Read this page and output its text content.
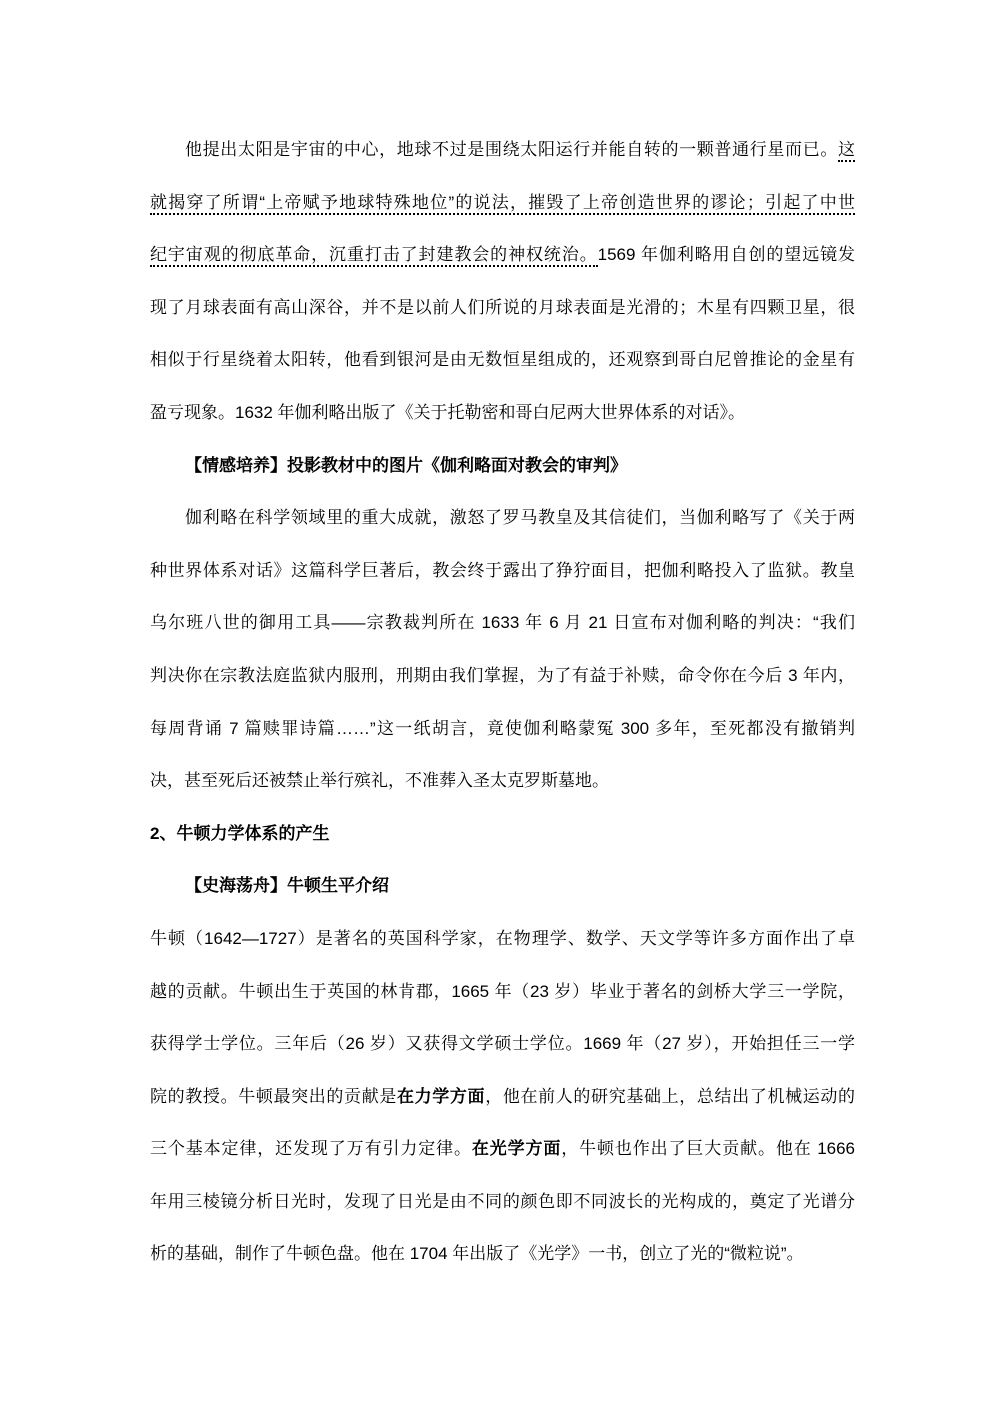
他提出太阳是宇宙的中心，地球不过是围绕太阳运行并能自转的一颗普通行星而已。这
就揭穿了所谓“上帝赋予地球特殊地位”的说法，摧毁了上帝创造世界的谬论；引起了中世
纪宇宙观的彻底革命，沉重打击了封建教会的神权统治。1569 年伽利略用自创的望远镜发
现了月球表面有高山深谷，并不是以前人们所说的月球表面是光滑的；木星有四颗卫星，很
相似于行星绕着太阳转，他看到银河是由无数恒星组成的，还观察到哥白尼曾推论的金星有
盈亏现象。1632 年伽利略出版了《关于托勒密和哥白尼两大世界体系的对话》。
【情感培养】投影教材中的图片《伽利略面对教会的审判》
伽利略在科学领域里的重大成就，激怒了罗马教皇及其信徒们，当伽利略写了《关于两
种世界体系对话》这篇科学巨著后，教会终于露出了狰狞面目，把伽利略投入了监狱。教皇
乌尔班八世的御用工具——宗教裁判所在 1633 年 6 月 21 日宣布对伽利略的判决：“我们
判决你在宗教法庭监狱内服刑，刑期由我们掌握，为了有益于补赎，命令你在今后 3 年内，
每周背诵 7 篇赎罪诗篇……”这一纸胡言，竟使伽利略蒙冤 300 多年，至死都没有撤销判
决，甚至死后还被禁止举行殡礼，不准葬入圣太克罗斯墓地。
2、牛顿力学体系的产生
【史海荡舟】牛顿生平介绍
牛顿（1642—1727）是著名的英国科学家，在物理学、数学、天文学等许多方面作出了卓
越的贡献。牛顿出生于英国的林肯郡，1665 年（23 岁）毕业于著名的剑桥大学三一学院，
获得学士学位。三年后（26 岁）又获得文学硕士学位。1669 年（27 岁），开始担任三一学
院的教授。牛顿最突出的贡献是在力学方面，他在前人的研究基础上，总结出了机械运动的
三个基本定律，还发现了万有引力定律。在光学方面，牛顿也作出了巨大贡献。他在 1666
年用三棱镜分析日光时，发现了日光是由不同的颜色即不同波长的光构成的，奠定了光谱分
析的基础，制作了牛顿色盘。他在 1704 年出版了《光学》一书，创立了光的“微粒说”。
